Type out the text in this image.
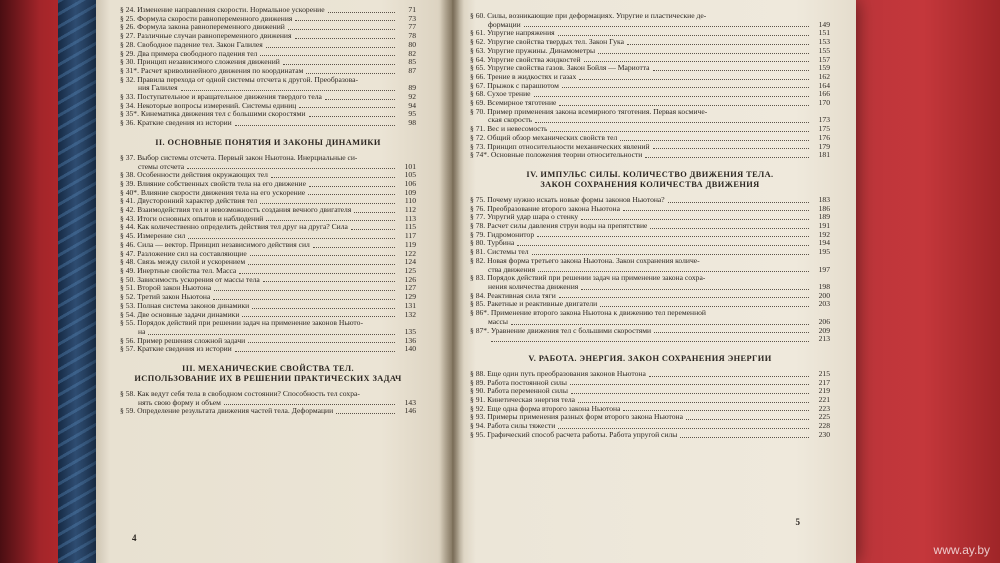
§ 24. Изменение направления скорости. Нормальное ускорение	71
§ 25. Формула скорости равнопеременного движения	73
§ 26. Формула закона равнопеременного движений	77
§ 27. Различные случаи равнопеременного движения	78
§ 28. Свободное падение тел. Закон Галилея	80
§ 29. Два примера свободного падения тел	82
§ 30. Принцип независимого сложения движений	85
§ 31*. Расчет криволинейного движения по координатам	87
§ 32. Правила перехода от одной системы отсчета к другой. Преобразова-
ния Галилея	89
§ 33. Поступательное и вращательное движения твердого тела	92
§ 34. Некоторые вопросы измерений. Системы единиц	94
§ 35*. Кинематика движения тел с большими скоростями	95
§ 36. Краткие сведения из истории	98
II. ОСНОВНЫЕ ПОНЯТИЯ И ЗАКОНЫ ДИНАМИКИ
§ 37. Выбор системы отсчета. Первый закон Ньютона. Инерциальные си-
стемы отсчета	101
§ 38. Особенности действия окружающих тел	105
§ 39. Влияние собственных свойств тела на его движение	106
§ 40*. Влияние скорости движения тела на его ускорение	109
§ 41. Двусторонний характер действия тел	110
§ 42. Взаимодействия тел и невозможность создания вечного двигателя	112
§ 43. Итоги основных опытов и наблюдений	113
§ 44. Как количественно определить действия тел друг на друга? Сила	115
§ 45. Измерение сил	117
§ 46. Сила — вектор. Принцип независимого действия сил	119
§ 47. Разложение сил на составляющие	122
§ 48. Связь между силой и ускорением	124
§ 49. Инертные свойства тел. Масса	125
§ 50. Зависимость ускорения от массы тела	126
§ 51. Второй закон Ньютона	127
§ 52. Третий закон Ньютона	129
§ 53. Полная система законов динамики	131
§ 54. Две основные задачи динамики	132
§ 55. Порядок действий при решении задач на применение законов Ньюто-
на	135
§ 56. Пример решения сложной задачи	136
§ 57. Краткие сведения из истории	140
III. МЕХАНИЧЕСКИЕ СВОЙСТВА ТЕЛ.
ИСПОЛЬЗОВАНИЕ ИХ В РЕШЕНИИ ПРАКТИЧЕСКИХ ЗАДАЧ
§ 58. Как ведут себя тела в свободном состоянии? Способность тел сохра-
нять свою форму и объем	143
§ 59. Определение результата движения частей тела. Деформации	146
4
§ 60. Силы, возникающие при деформациях. Упругие и пластические де-
формации	149
§ 61. Упругие напряжения	151
§ 62. Упругие свойства твердых тел. Закон Гука	153
§ 63. Упругие пружины. Динамометры	155
§ 64. Упругие свойства жидкостей	157
§ 65. Упругие свойства газов. Закон Бойля — Мариотта	159
§ 66. Трение в жидкостях и газах	162
§ 67. Прыжок с парашютом	164
§ 68. Сухое трение	166
§ 69. Всемирное тяготение	170
§ 70. Пример применения закона всемирного тяготения. Первая космиче-
ская скорость	173
§ 71. Вес и невесомость	175
§ 72. Общий обзор механических свойств тел	176
§ 73. Принцип относительности механических явлений	179
§ 74*. Основные положения теории относительности	181
IV. ИМПУЛЬС СИЛЫ. КОЛИЧЕСТВО ДВИЖЕНИЯ ТЕЛА.
ЗАКОН СОХРАНЕНИЯ КОЛИЧЕСТВА ДВИЖЕНИЯ
§ 75. Почему нужно искать новые формы законов Ньютона?	183
§ 76. Преобразование второго закона Ньютона	186
§ 77. Упругий удар шара о стенку	189
§ 78. Расчет силы давления струи воды на препятствие	191
§ 79. Гидромонитор	192
§ 80. Турбина	194
§ 81. Системы тел	195
§ 82. Новая форма третьего закона Ньютона. Закон сохранения количе-
ства движения	197
§ 83. Порядок действий при решении задач на применение закона сохра-
нения количества движения	198
§ 84. Реактивная сила тяги	200
§ 85. Ракетные и реактивные двигатели	203
§ 86*. Применение второго закона Ньютона к движению тел переменной
массы	206
§ 87*. Уравнение движения тел с большими скоростями	209
213
V. РАБОТА. ЭНЕРГИЯ. ЗАКОН СОХРАНЕНИЯ ЭНЕРГИИ
§ 88. Еще один путь преобразования законов Ньютона	215
§ 89. Работа постоянной силы	217
§ 90. Работа переменной силы	219
§ 91. Кинетическая энергия тела	221
§ 92. Еще одна форма второго закона Ньютона	223
§ 93. Примеры применения разных форм второго закона Ньютона	225
§ 94. Работа силы тяжести	228
§ 95. Графический способ расчета работы. Работа упругой силы	230
5
www.ay.by
